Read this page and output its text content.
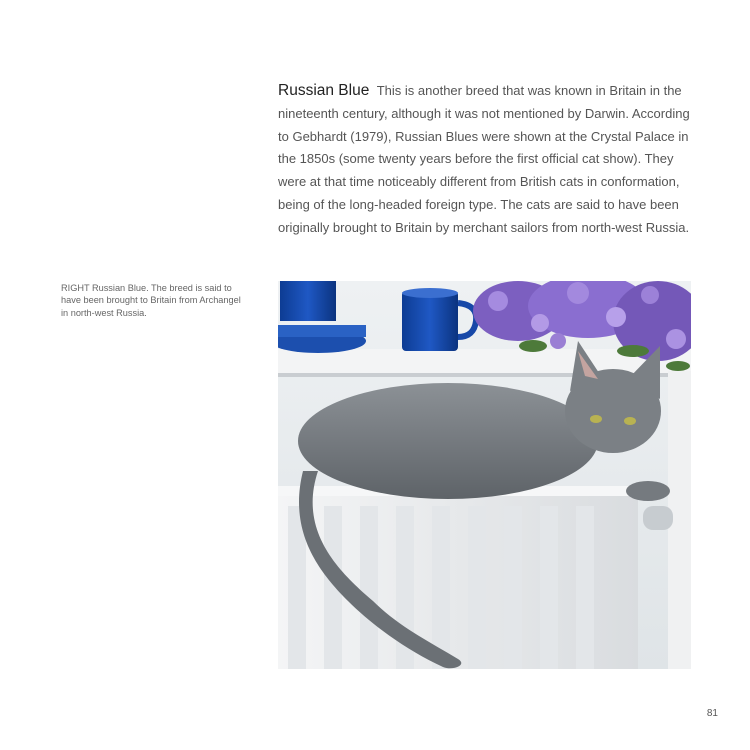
Russian Blue This is another breed that was known in Britain in the nineteenth century, although it was not mentioned by Darwin. According to Gebhardt (1979), Russian Blues were shown at the Crystal Palace in the 1850s (some twenty years before the first official cat show). They were at that time noticeably different from British cats in conformation, being of the long-headed foreign type. The cats are said to have been originally brought to Britain by merchant sailors from north-west Russia.
RIGHT Russian Blue. The breed is said to have been brought to Britain from Archangel in north-west Russia.
81
